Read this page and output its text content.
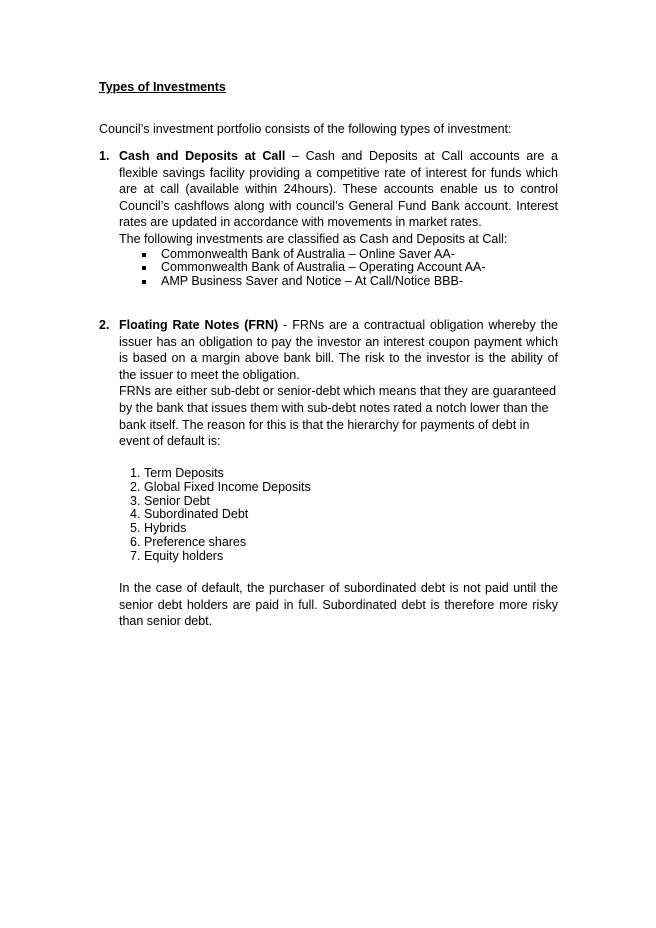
Types of Investments
Council’s investment portfolio consists of the following types of investment:
1. Cash and Deposits at Call – Cash and Deposits at Call accounts are a flexible savings facility providing a competitive rate of interest for funds which are at call (available within 24hours). These accounts enable us to control Council’s cashflows along with council’s General Fund Bank account. Interest rates are updated in accordance with movements in market rates.

The following investments are classified as Cash and Deposits at Call:

Commonwealth Bank of Australia – Online Saver AA-
Commonwealth Bank of Australia – Operating Account AA-
AMP Business Saver and Notice – At Call/Notice BBB-
2. Floating Rate Notes (FRN) - FRNs are a contractual obligation whereby the issuer has an obligation to pay the investor an interest coupon payment which is based on a margin above bank bill. The risk to the investor is the ability of the issuer to meet the obligation.

FRNs are either sub-debt or senior-debt which means that they are guaranteed by the bank that issues them with sub-debt notes rated a notch lower than the bank itself. The reason for this is that the hierarchy for payments of debt in event of default is:

1. Term Deposits
2. Global Fixed Income Deposits
3. Senior Debt
4. Subordinated Debt
5. Hybrids
6. Preference shares
7. Equity holders

In the case of default, the purchaser of subordinated debt is not paid until the senior debt holders are paid in full. Subordinated debt is therefore more risky than senior debt.
